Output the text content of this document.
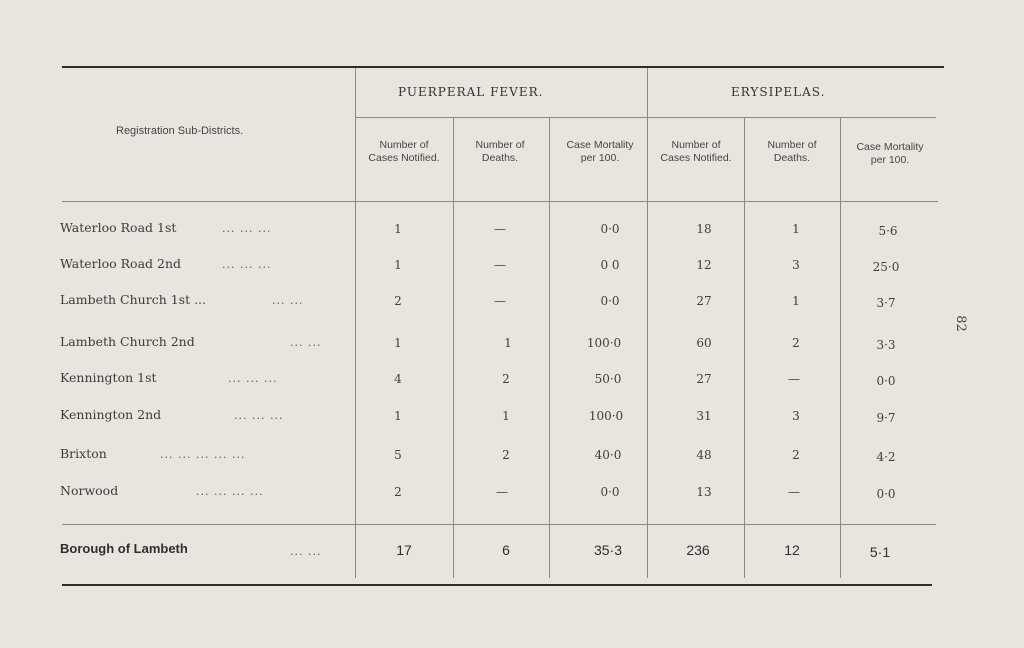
Registration Sub-Districts.
PUERPERAL FEVER.	ERYSIPELAS.
Number of Cases Notified.
Number of Deaths.
Case Mortality per 100.
Number of Cases Notified.
Number of Deaths.
Case Mortality per 100.
Waterloo Road 1st	... ... ...	1	—	0·0	18	1	5·6
Waterloo Road 2nd	... ... ...	1	—	0 0	12	3	25·0
Lambeth Church 1st ...	... ...	2	—	0·0	27	1	3·7
Lambeth Church 2nd	... ...	1	1	100·0	60	2	3·3
Kennington 1st	... ... ...	4	2	50·0	27	—	0·0
Kennington 2nd	... ... ...	1	1	100·0	31	3	9·7
Brixton	... ... ... ... ...	5	2	40·0	48	2	4·2
Norwood	... ... ... ...	2	—	0·0	13	—	0·0
Borough of Lambeth	... ...	17	6	35·3	236	12	5·1
82
